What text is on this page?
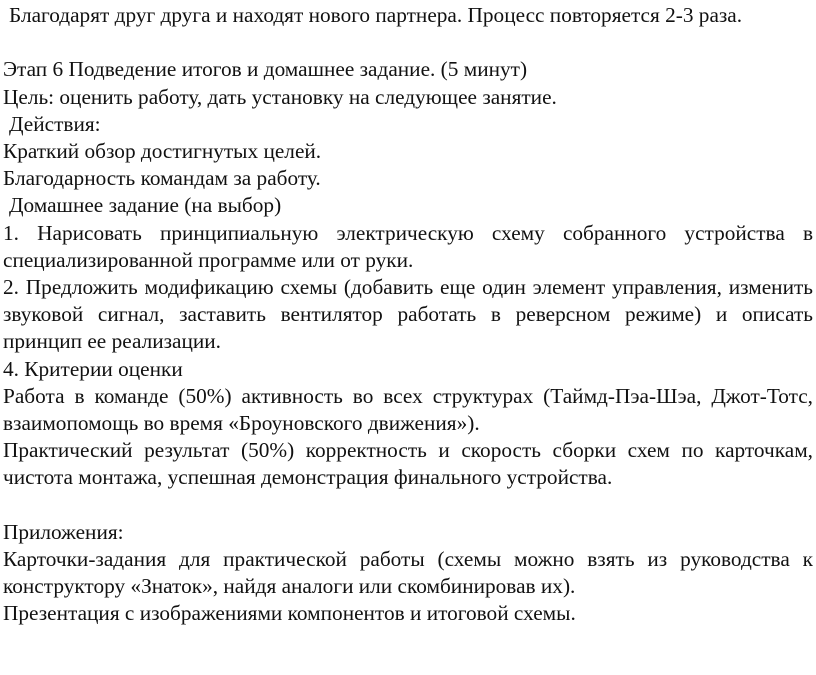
Благодарят друг друга и находят нового партнера. Процесс повторяется 2-3 раза.

Этап 6 Подведение итогов и домашнее задание. (5 минут)

Цель: оценить работу, дать установку на следующее занятие.

Действия:

Краткий обзор достигнутых целей.

Благодарность командам за работу.

Домашнее задание (на выбор)

1. Нарисовать принципиальную электрическую схему собранного устройства в специализированной программе или от руки.

2. Предложить модификацию схемы (добавить еще один элемент управления, изменить звуковой сигнал, заставить вентилятор работать в реверсном режиме) и описать принцип ее реализации.

4. Критерии оценки

Работа в команде (50%) активность во всех структурах (Таймд-Пэа-Шэа, Джот-Тотс, взаимопомощь во время «Броуновского движения»).

Практический результат (50%) корректность и скорость сборки схем по карточкам, чистота монтажа, успешная демонстрация финального устройства.

Приложения:

Карточки-задания для практической работы (схемы можно взять из руководства к конструктору «Знаток», найдя аналоги или скомбинировав их).

Презентация с изображениями компонентов и итоговой схемы.
